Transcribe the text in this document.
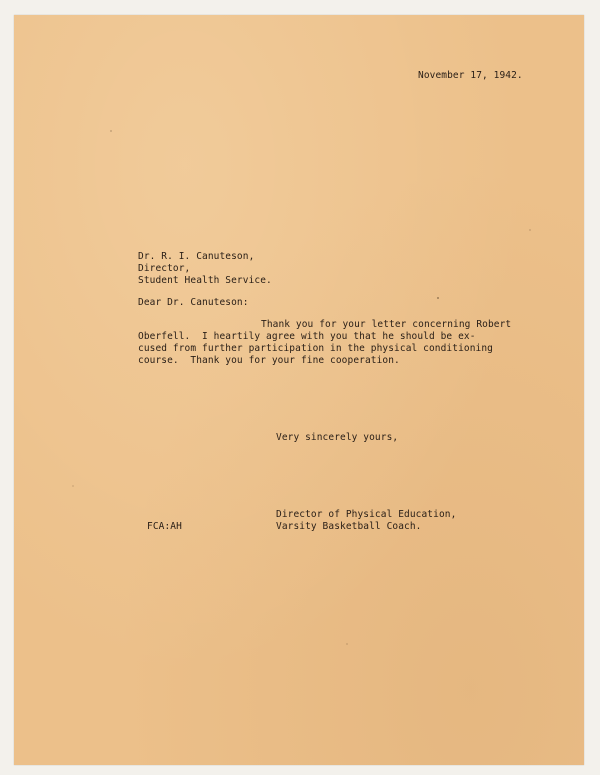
November 17, 1942.

Dr. R. I. Canuteson,

Director,

Student Health Service.

Dear Dr. Canuteson:

Thank you for your letter concerning Robert

Oberfell.  I heartily agree with you that he should be ex-

cused from further participation in the physical conditioning

course.  Thank you for your fine cooperation.

Very sincerely yours,

Director of Physical Education,

Varsity Basketball Coach.

FCA:AH
